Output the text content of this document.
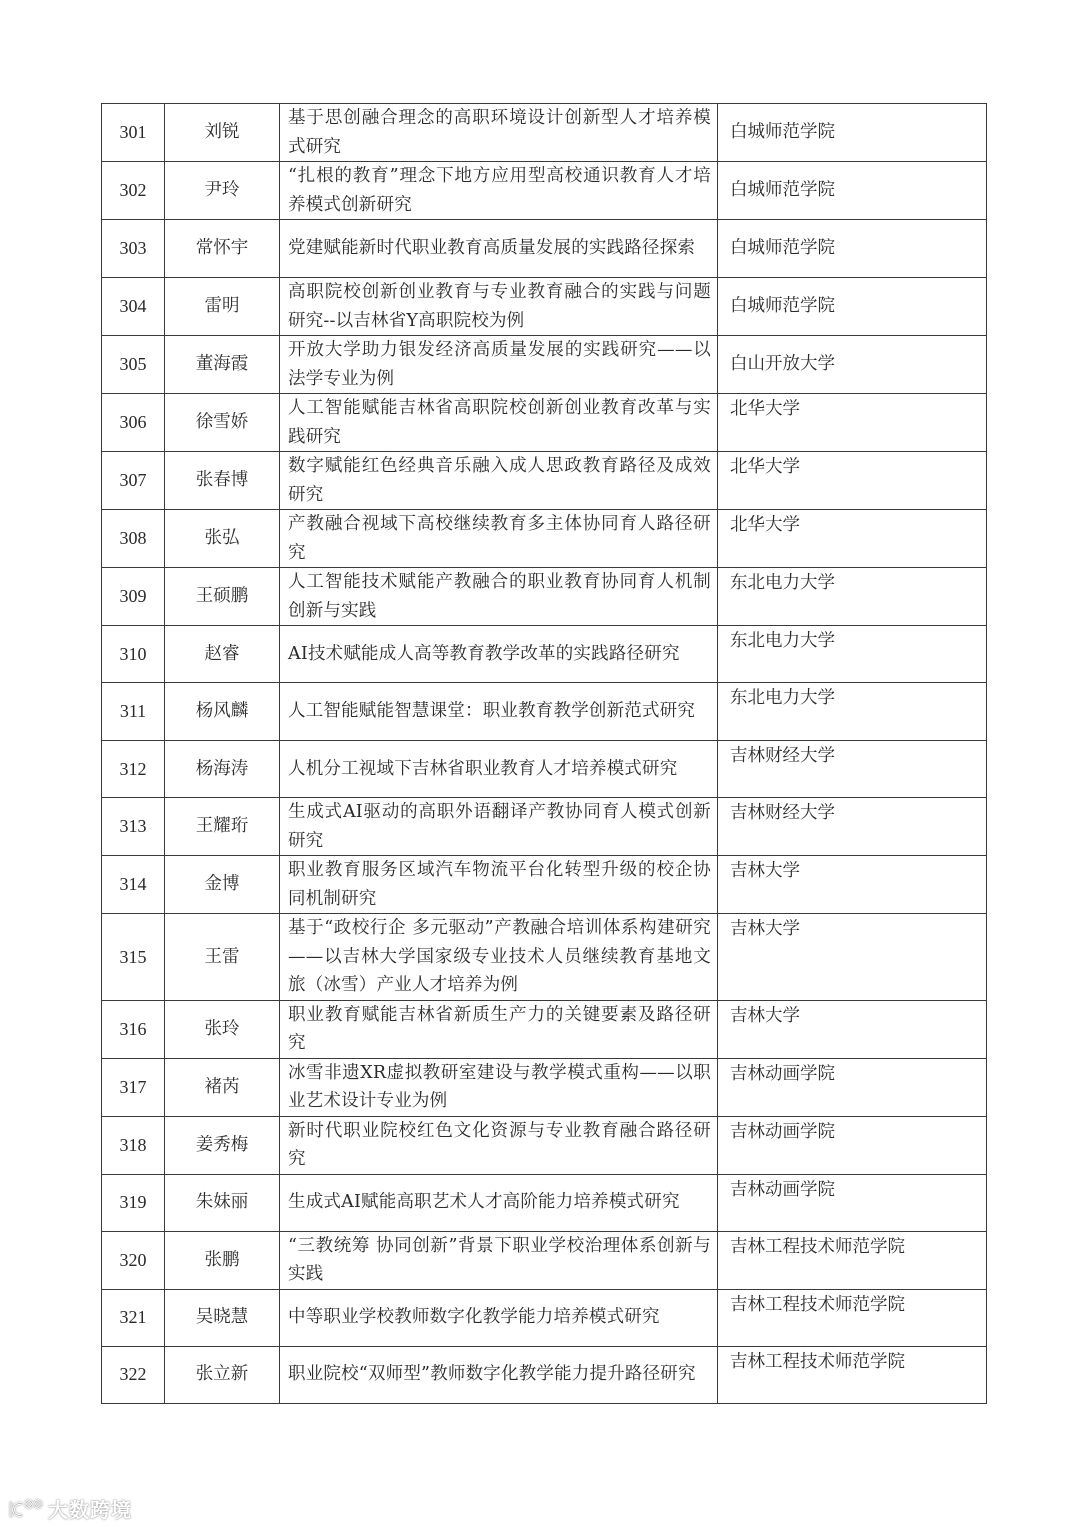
301	刘锐	基于思创融合理念的高职环境设计创新型人才培养模式研究	白城师范学院

302	尹玲	“扎根的教育”理念下地方应用型高校通识教育人才培养模式创新研究	白城师范学院

303	常怀宇	党建赋能新时代职业教育高质量发展的实践路径探索	白城师范学院

304	雷明	高职院校创新创业教育与专业教育融合的实践与问题研究--以吉林省Y高职院校为例	白城师范学院

305	董海霞	开放大学助力银发经济高质量发展的实践研究——以法学专业为例	白山开放大学

306	徐雪娇	人工智能赋能吉林省高职院校创新创业教育改革与实践研究	北华大学

307	张春博	数字赋能红色经典音乐融入成人思政教育路径及成效研究	北华大学

308	张弘	产教融合视域下高校继续教育多主体协同育人路径研究	北华大学

309	王硕鹏	人工智能技术赋能产教融合的职业教育协同育人机制创新与实践	东北电力大学

310	赵睿	AI技术赋能成人高等教育教学改革的实践路径研究	东北电力大学

311	杨风麟	人工智能赋能智慧课堂：职业教育教学创新范式研究	东北电力大学

312	杨海涛	人机分工视域下吉林省职业教育人才培养模式研究	吉林财经大学

313	王耀珩	生成式AI驱动的高职外语翻译产教协同育人模式创新研究	吉林财经大学

314	金博	职业教育服务区域汽车物流平台化转型升级的校企协同机制研究	吉林大学

315	王雷	基于“政校行企 多元驱动”产教融合培训体系构建研究——以吉林大学国家级专业技术人员继续教育基地文旅（冰雪）产业人才培养为例	吉林大学

316	张玲	职业教育赋能吉林省新质生产力的关键要素及路径研究	吉林大学

317	褚芮	冰雪非遗XR虚拟教研室建设与教学模式重构——以职业艺术设计专业为例	吉林动画学院

318	姜秀梅	新时代职业院校红色文化资源与专业教育融合路径研究	吉林动画学院

319	朱妹丽	生成式AI赋能高职艺术人才高阶能力培养模式研究	吉林动画学院

320	张鹏	“三教统筹 协同创新”背景下职业学校治理体系创新与实践	吉林工程技术师范学院

321	吴晓慧	中等职业学校教师数字化教学能力培养模式研究	吉林工程技术师范学院

322	张立新	职业院校“双师型”教师数字化教学能力提升路径研究	吉林工程技术师范学院
大数跨境
